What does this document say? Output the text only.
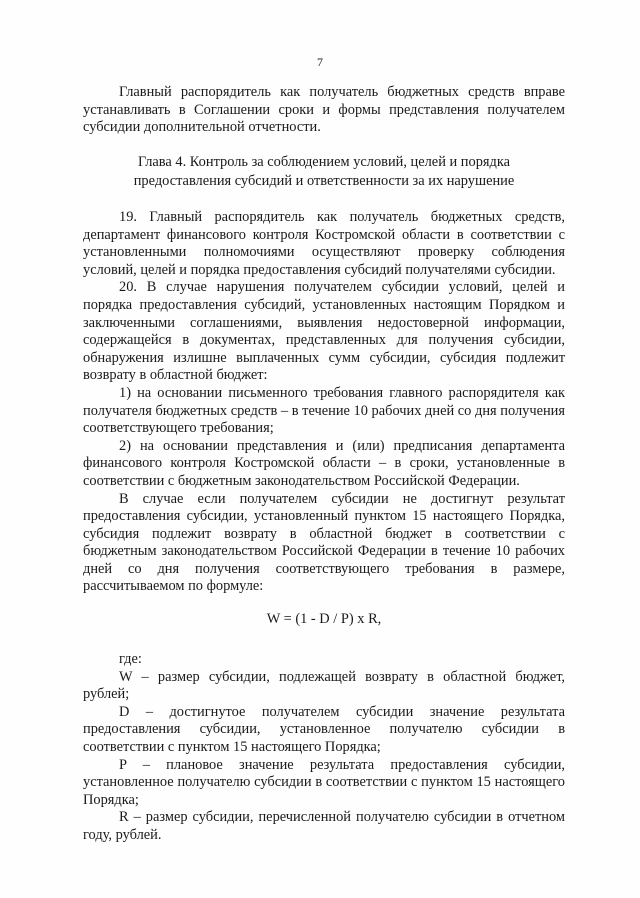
7

Главный распорядитель как получатель бюджетных средств вправе устанавливать в Соглашении сроки и формы представления получателем субсидии дополнительной отчетности.

Глава 4. Контроль за соблюдением условий, целей и порядка

предоставления субсидий и ответственности за их нарушение

19. Главный распорядитель как получатель бюджетных средств, департамент финансового контроля Костромской области в соответствии с установленными полномочиями осуществляют проверку соблюдения условий, целей и порядка предоставления субсидий получателями субсидии.

20. В случае нарушения получателем субсидии условий, целей и порядка предоставления субсидий, установленных настоящим Порядком и заключенными соглашениями, выявления недостоверной информации, содержащейся в документах, представленных для получения субсидии, обнаружения излишне выплаченных сумм субсидии, субсидия подлежит возврату в областной бюджет:

1) на основании письменного требования главного распорядителя как получателя бюджетных средств – в течение 10 рабочих дней со дня получения соответствующего требования;

2) на основании представления и (или) предписания департамента финансового контроля Костромской области – в сроки, установленные в соответствии с бюджетным законодательством Российской Федерации.

В случае если получателем субсидии не достигнут результат предоставления субсидии, установленный пунктом 15 настоящего Порядка, субсидия подлежит возврату в областной бюджет в соответствии с бюджетным законодательством Российской Федерации в течение 10 рабочих дней со дня получения соответствующего требования в размере, рассчитываемом по формуле:

W = (1 - D / P) x R,

где:

W – размер субсидии, подлежащей возврату в областной бюджет, рублей;

D – достигнутое получателем субсидии значение результата предоставления субсидии, установленное получателю субсидии в соответствии с пунктом 15 настоящего Порядка;

P – плановое значение результата предоставления субсидии, установленное получателю субсидии в соответствии с пунктом 15 настоящего Порядка;

R – размер субсидии, перечисленной получателю субсидии в отчетном году, рублей.
